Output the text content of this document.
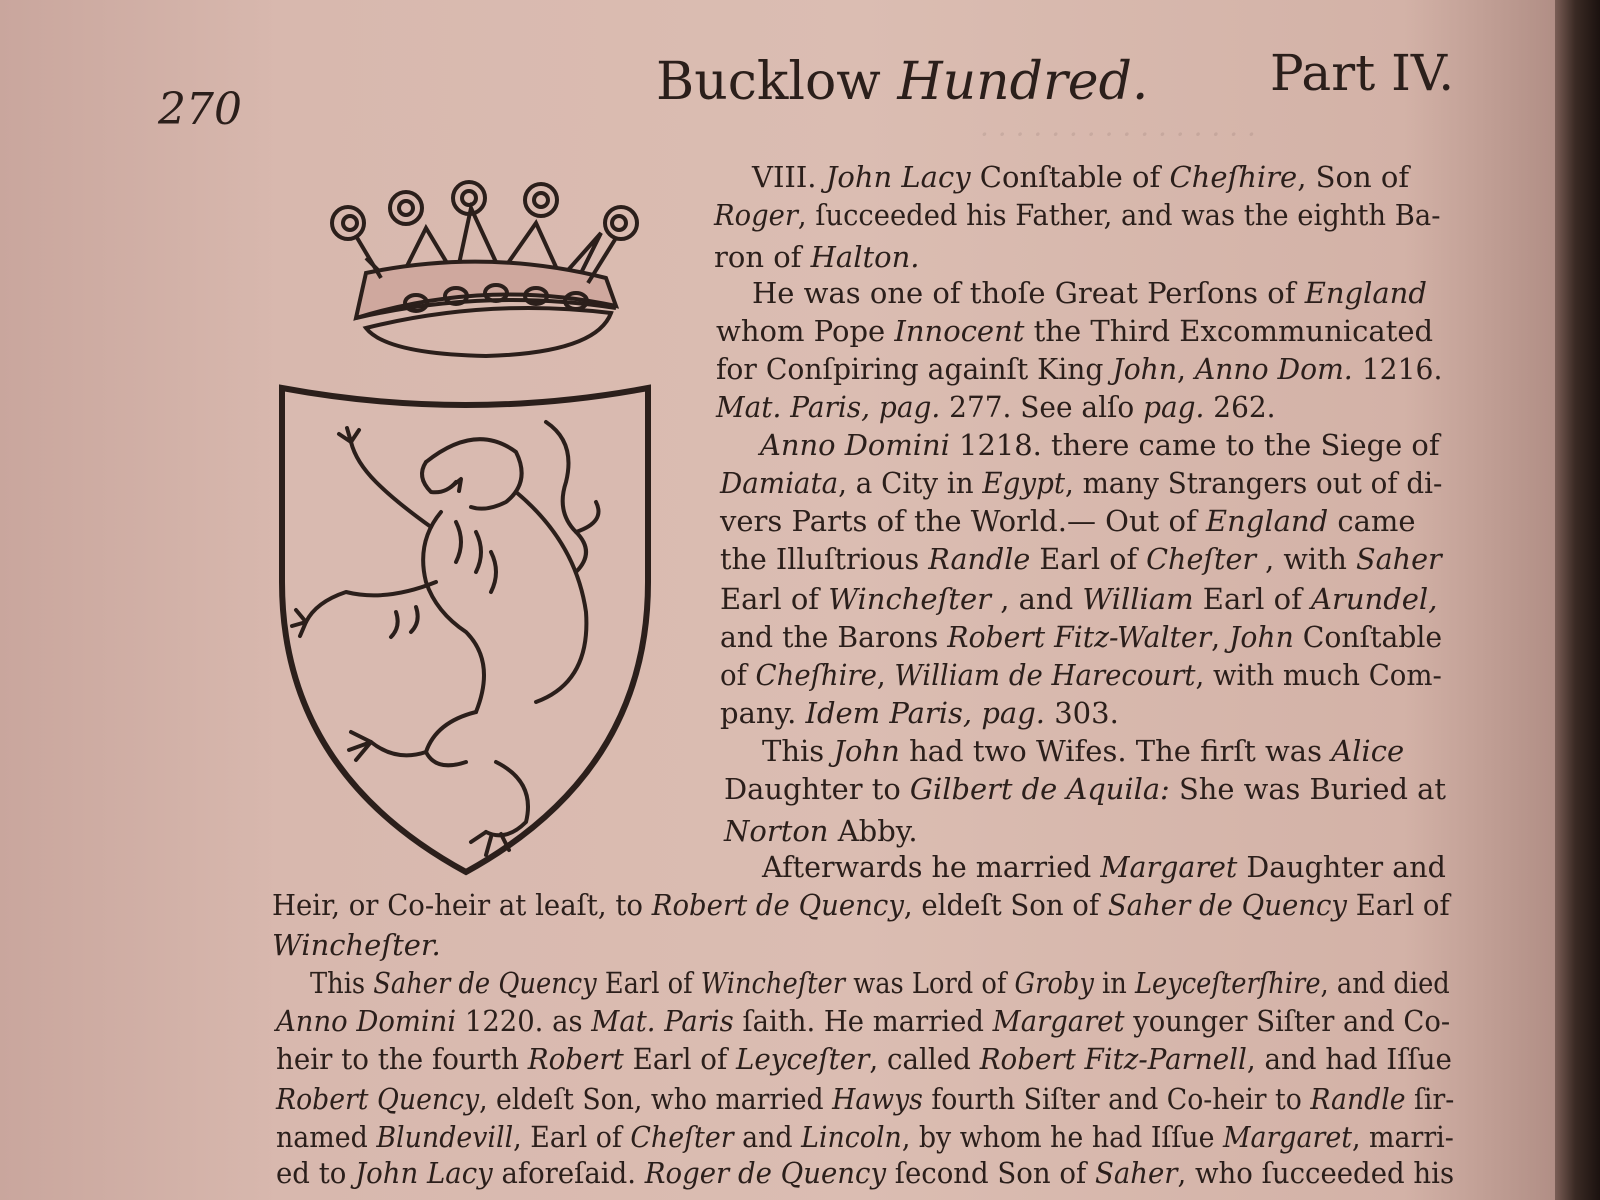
· · · · · · · · · · · · · · · ·
270	Bucklow Hundred. Part IV.
VIII. John Lacy Conſtable of Cheſhire, Son of
Roger, ſucceeded his Father, and was the eighth Ba-
ron of Halton.
He was one of thoſe Great Perſons of England
whom Pope Innocent the Third Excommunicated
for Conſpiring againſt King John, Anno Dom. 1216.
Mat. Paris, pag. 277. See alſo pag. 262.
Anno Domini 1218. there came to the Siege of
Damiata, a City in Egypt, many Strangers out of di-
vers Parts of the World.— Out of England came
the Illuſtrious Randle Earl of Cheſter , with Saher
Earl of Wincheſter , and William Earl of Arundel,
and the Barons Robert Fitz-Walter, John Conſtable
of Cheſhire, William de Harecourt, with much Com-
pany. Idem Paris, pag. 303.
This John had two Wifes. The firſt was Alice
Daughter to Gilbert de Aquila: She was Buried at
Norton Abby.
Afterwards he married Margaret Daughter and
Heir, or Co-heir at leaſt, to Robert de Quency, eldeſt Son of Saher de Quency Earl of
Wincheſter.
This Saher de Quency Earl of Wincheſter was Lord of Groby in Leyceſterſhire, and died
Anno Domini 1220. as Mat. Paris ſaith. He married Margaret younger Siſter and Co-
heir to the fourth Robert Earl of Leyceſter, called Robert Fitz-Parnell, and had Iſſue
Robert Quency, eldeſt Son, who married Hawys fourth Siſter and Co-heir to Randle ſir-
named Blundevill, Earl of Cheſter and Lincoln, by whom he had Iſſue Margaret, marri-
ed to John Lacy aforeſaid. Roger de Quency ſecond Son of Saher, who ſucceeded his
